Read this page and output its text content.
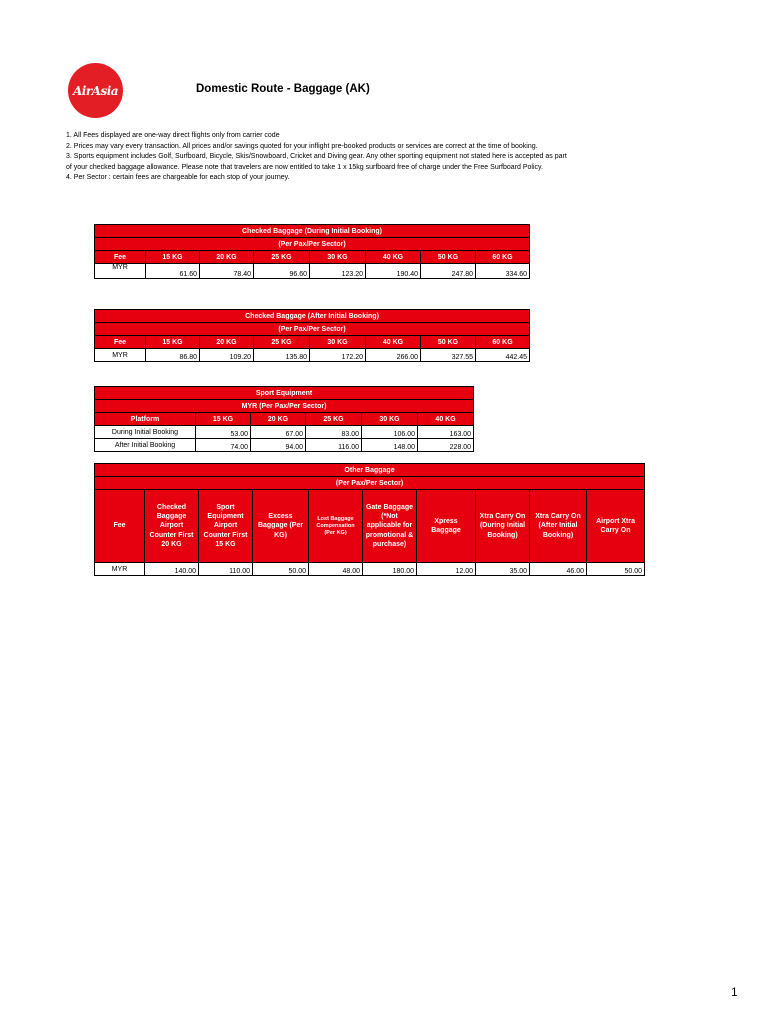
AirAsia	Domestic Route - Baggage (AK)
1. All Fees displayed are one-way direct flights only from carrier code
2. Prices may vary every transaction. All prices and/or savings quoted for your inflight pre-booked products or services are correct at the time of booking.
3. Sports equipment includes Golf, Surfboard, Bicycle, Skis/Snowboard, Cricket and Diving gear. Any other sporting equipment not stated here is accepted as part
of your checked baggage allowance. Please note that travelers are now entitled to take 1 x 15kg surfboard free of charge under the Free Surfboard Policy.
4. Per Sector : certain fees are chargeable for each stop of your journey.
Checked Baggage (During Initial Booking)							
(Per Pax/Per Sector)							
Fee	15 KG	20 KG	25 KG	30 KG	40 KG	50 KG	60 KG
MYR	61.60	78.40	96.60	123.20	190.40	247.80	334.60
Checked Baggage (After Initial Booking)							
(Per Pax/Per Sector)							
Fee	15 KG	20 KG	25 KG	30 KG	40 KG	50 KG	60 KG
MYR	86.80	109.20	135.80	172.20	266.00	327.55	442.45
Sport Equipment					
MYR (Per Pax/Per Sector)					
Platform	15 KG	20 KG	25 KG	30 KG	40 KG
During Initial Booking	53.00	67.00	83.00	106.00	163.00
After Initial Booking	74.00	94.00	116.00	148.00	228.00
Other Baggage									
(Per Pax/Per Sector)									
Fee	Checked Baggage Airport Counter First 20 KG	Sport Equipment Airport Counter First 15 KG	Excess Baggage (Per KG)	Lost Baggage Compensation (Per KG)	Gate Baggage (*Not applicable for promotional & purchase)	Xpress Baggage	Xtra Carry On (During Initial Booking)	Xtra Carry On (After Initial Booking)	Airport Xtra Carry On
MYR	140.00	110.00	50.00	48.00	180.00	12.00	35.00	46.00	50.00
1
